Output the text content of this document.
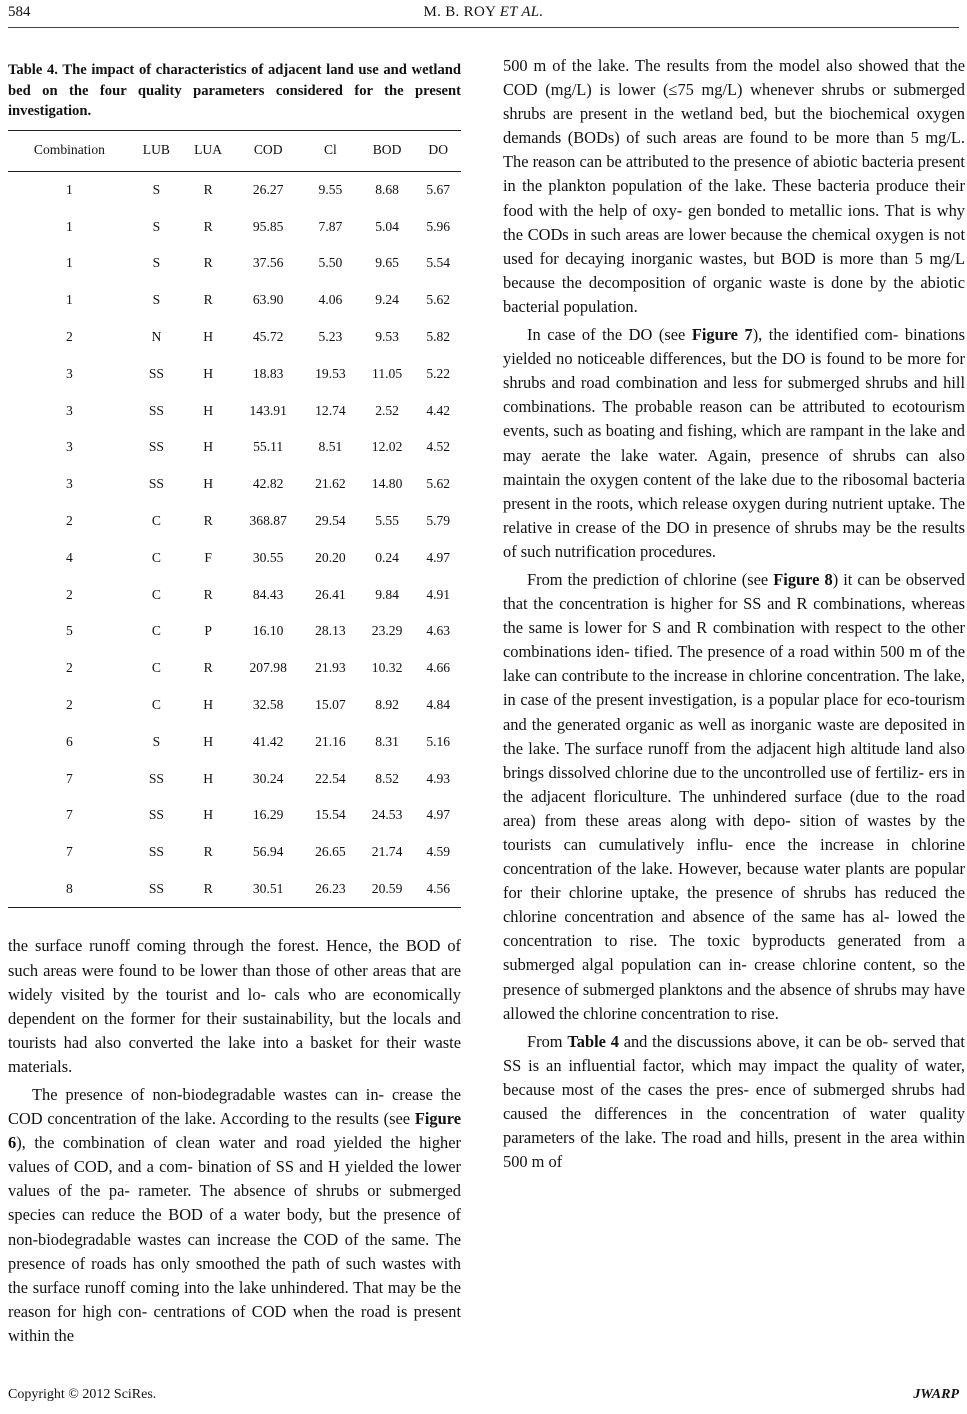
584	M. B. ROY ET AL.
Table 4. The impact of characteristics of adjacent land use and wetland bed on the four quality parameters considered for the present investigation.
Combination	LUB	LUA	COD	Cl	BOD	DO
1	S	R	26.27	9.55	8.68	5.67
1	S	R	95.85	7.87	5.04	5.96
1	S	R	37.56	5.50	9.65	5.54
1	S	R	63.90	4.06	9.24	5.62
2	N	H	45.72	5.23	9.53	5.82
3	SS	H	18.83	19.53	11.05	5.22
3	SS	H	143.91	12.74	2.52	4.42
3	SS	H	55.11	8.51	12.02	4.52
3	SS	H	42.82	21.62	14.80	5.62
2	C	R	368.87	29.54	5.55	5.79
4	C	F	30.55	20.20	0.24	4.97
2	C	R	84.43	26.41	9.84	4.91
5	C	P	16.10	28.13	23.29	4.63
2	C	R	207.98	21.93	10.32	4.66
2	C	H	32.58	15.07	8.92	4.84
6	S	H	41.42	21.16	8.31	5.16
7	SS	H	30.24	22.54	8.52	4.93
7	SS	H	16.29	15.54	24.53	4.97
7	SS	R	56.94	26.65	21.74	4.59
8	SS	R	30.51	26.23	20.59	4.56

the surface runoff coming through the forest. Hence, the BOD of such areas were found to be lower than those of other areas that are widely visited by the tourist and lo- cals who are economically dependent on the former for their sustainability, but the locals and tourists had also converted the lake into a basket for their waste materials.

The presence of non-biodegradable wastes can in- crease the COD concentration of the lake. According to the results (see Figure 6), the combination of clean water and road yielded the higher values of COD, and a com- bination of SS and H yielded the lower values of the pa- rameter. The absence of shrubs or submerged species can reduce the BOD of a water body, but the presence of non-biodegradable wastes can increase the COD of the same. The presence of roads has only smoothed the path of such wastes with the surface runoff coming into the lake unhindered. That may be the reason for high con- centrations of COD when the road is present within the

500 m of the lake. The results from the model also showed that the COD (mg/L) is lower (≤75 mg/L) whenever shrubs or submerged shrubs are present in the wetland bed, but the biochemical oxygen demands (BODs) of such areas are found to be more than 5 mg/L. The reason can be attributed to the presence of abiotic bacteria present in the plankton population of the lake. These bacteria produce their food with the help of oxy- gen bonded to metallic ions. That is why the CODs in such areas are lower because the chemical oxygen is not used for decaying inorganic wastes, but BOD is more than 5 mg/L because the decomposition of organic waste is done by the abiotic bacterial population.

In case of the DO (see Figure 7), the identified com- binations yielded no noticeable differences, but the DO is found to be more for shrubs and road combination and less for submerged shrubs and hill combinations. The probable reason can be attributed to ecotourism events, such as boating and fishing, which are rampant in the lake and may aerate the lake water. Again, presence of shrubs can also maintain the oxygen content of the lake due to the ribosomal bacteria present in the roots, which release oxygen during nutrient uptake. The relative in crease of the DO in presence of shrubs may be the results of such nutrification procedures.

From the prediction of chlorine (see Figure 8) it can be observed that the concentration is higher for SS and R combinations, whereas the same is lower for S and R combination with respect to the other combinations iden- tified. The presence of a road within 500 m of the lake can contribute to the increase in chlorine concentration. The lake, in case of the present investigation, is a popular place for eco-tourism and the generated organic as well as inorganic waste are deposited in the lake. The surface runoff from the adjacent high altitude land also brings dissolved chlorine due to the uncontrolled use of fertiliz- ers in the adjacent floriculture. The unhindered surface (due to the road area) from these areas along with depo- sition of wastes by the tourists can cumulatively influ- ence the increase in chlorine concentration of the lake. However, because water plants are popular for their chlorine uptake, the presence of shrubs has reduced the chlorine concentration and absence of the same has al- lowed the concentration to rise. The toxic byproducts generated from a submerged algal population can in- crease chlorine content, so the presence of submerged planktons and the absence of shrubs may have allowed the chlorine concentration to rise.

From Table 4 and the discussions above, it can be ob- served that SS is an influential factor, which may impact the quality of water, because most of the cases the pres- ence of submerged shrubs had caused the differences in the concentration of water quality parameters of the lake. The road and hills, present in the area within 500 m of

Copyright © 2012 SciRes.	JWARP
